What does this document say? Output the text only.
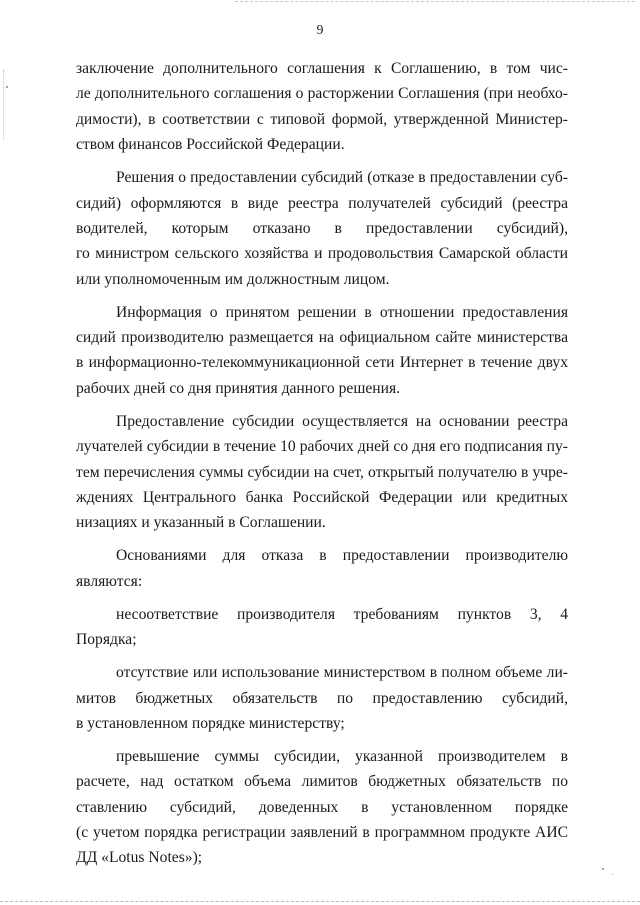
9
заключение дополнительного соглашения к Соглашению, в том чис-
ле дополнительного соглашения о расторжении Соглашения (при необхо-
димости), в соответствии с типовой формой, утвержденной Министер-
ством финансов Российской Федерации.
Решения о предоставлении субсидий (отказе в предоставлении суб-
сидий) оформляются в виде реестра получателей субсидий (реестра
водителей, которым отказано в предоставлении субсидий),
го министром сельского хозяйства и продовольствия Самарской области
или уполномоченным им должностным лицом.
Информация о принятом решении в отношении предоставления
сидий производителю размещается на официальном сайте министерства
в информационно-телекоммуникационной сети Интернет в течение двух
рабочих дней со дня принятия данного решения.
Предоставление субсидии осуществляется на основании реестра
лучателей субсидии в течение 10 рабочих дней со дня его подписания пу-
тем перечисления суммы субсидии на счет, открытый получателю в учре-
ждениях Центрального банка Российской Федерации или кредитных
низациях и указанный в Соглашении.
Основаниями для отказа в предоставлении производителю
являются:
несоответствие производителя требованиям пунктов 3, 4
Порядка;
отсутствие или использование министерством в полном объеме ли-
митов бюджетных обязательств по предоставлению субсидий,
в установленном порядке министерству;
превышение суммы субсидии, указанной производителем в
расчете, над остатком объема лимитов бюджетных обязательств по
ставлению субсидий, доведенных в установленном порядке
(с учетом порядка регистрации заявлений в программном продукте АИС
ДД «Lotus Notes»);
